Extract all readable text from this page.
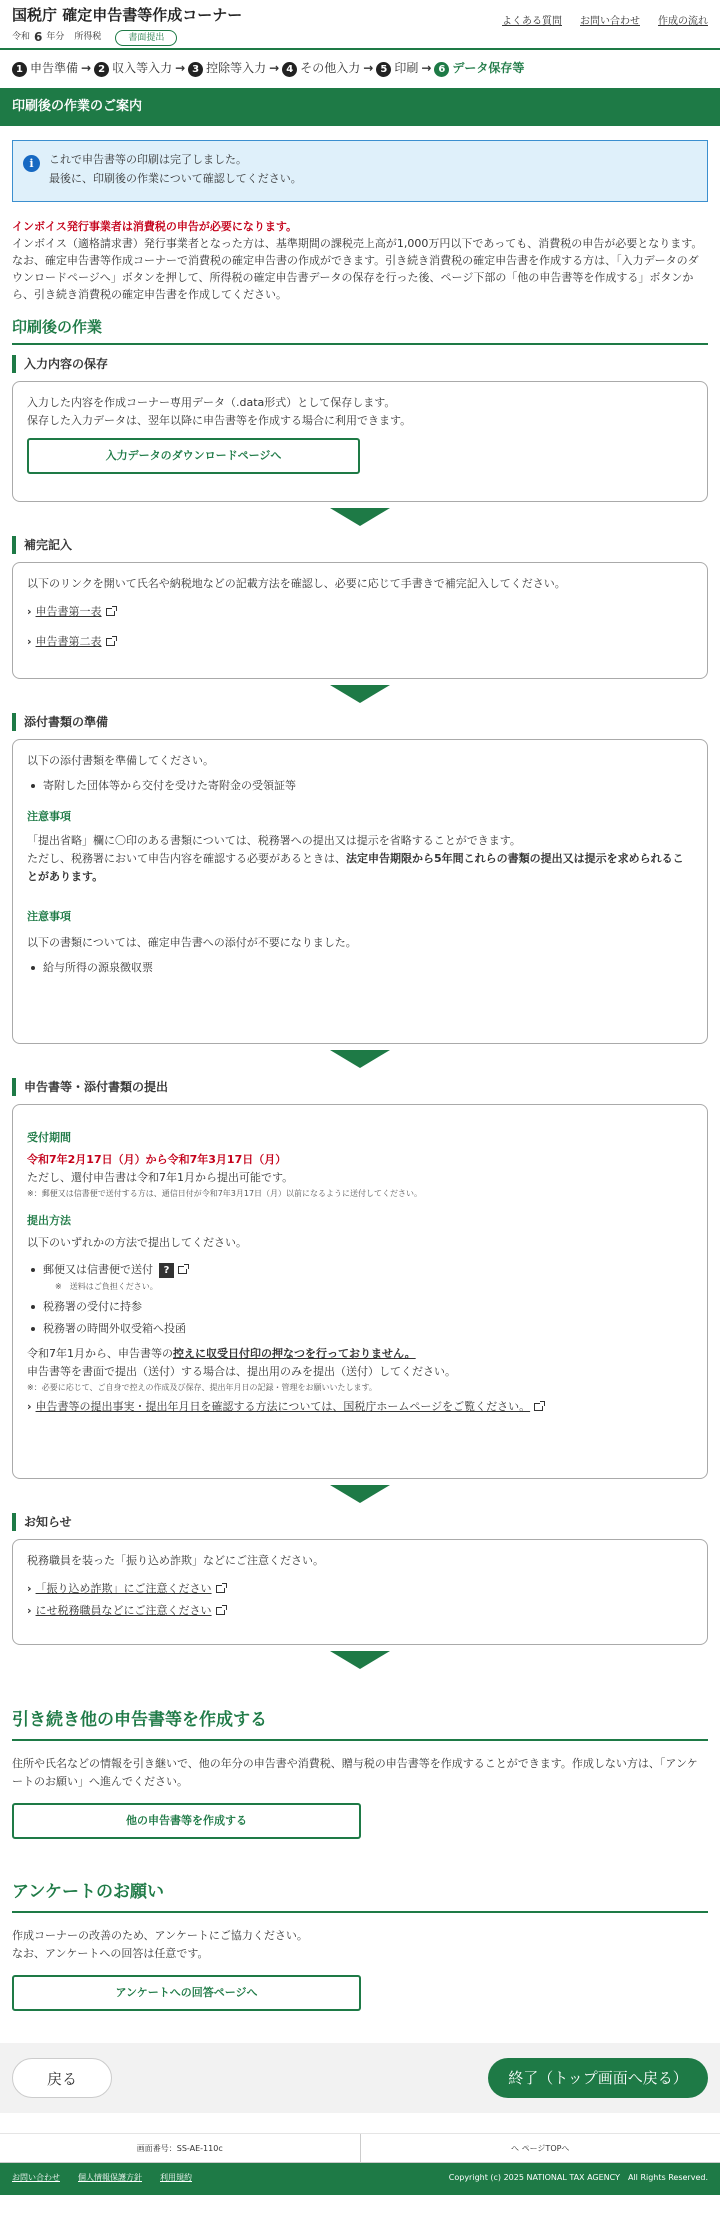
国税庁 確定申告書等作成コーナー
令和 6 年分 所得税	書面提出
よくある質問 お問い合わせ 作成の流れ
1 申告準備 → 2 収入等入力 → 3 控除等入力 → 4 その他入力 → 5 印刷 → 6 データ保存等
印刷後の作業のご案内
i	これで申告書等の印刷は完了しました。
最後に、印刷後の作業について確認してください。
インボイス発行事業者は消費税の申告が必要になります。
インボイス（適格請求書）発行事業者となった方は、基準期間の課税売上高が1,000万円以下であっても、消費税の申告が必要となります。
なお、確定申告書等作成コーナーで消費税の確定申告書の作成ができます。引き続き消費税の確定申告書を作成する方は、「入力データのダウンロードページへ」ボタンを押して、所得税の確定申告書データの保存を行った後、ページ下部の「他の申告書等を作成する」ボタンから、引き続き消費税の確定申告書を作成してください。
印刷後の作業
入力内容の保存
入力した内容を作成コーナー専用データ（.data形式）として保存します。
保存した入力データは、翌年以降に申告書等を作成する場合に利用できます。
入力データのダウンロードページへ
補完記入
以下のリンクを開いて氏名や納税地などの記載方法を確認し、必要に応じて手書きで補完記入してください。
› 申告書第一表
› 申告書第二表
添付書類の準備
以下の添付書類を準備してください。
寄附した団体等から交付を受けた寄附金の受領証等
注意事項
「提出省略」欄に〇印のある書類については、税務署への提出又は提示を省略することができます。
ただし、税務署において申告内容を確認する必要があるときは、法定申告期限から5年間これらの書類の提出又は提示を求められることがあります。
注意事項
以下の書類については、確定申告書への添付が不要になりました。
給与所得の源泉徴収票
申告書等・添付書類の提出
受付期間
令和7年2月17日（月）から令和7年3月17日（月）
ただし、還付申告書は令和7年1月から提出可能です。
※：郵便又は信書便で送付する方は、通信日付が令和7年3月17日（月）以前になるように送付してください。
提出方法
以下のいずれかの方法で提出してください。
郵便又は信書便で送付 ?
※　送料はご負担ください。
税務署の受付に持参
税務署の時間外収受箱へ投函
令和7年1月から、申告書等の控えに収受日付印の押なつを行っておりません。
申告書等を書面で提出（送付）する場合は、提出用のみを提出（送付）してください。
※：必要に応じて、ご自身で控えの作成及び保存、提出年月日の記録・管理をお願いいたします。
› 申告書等の提出事実・提出年月日を確認する方法については、国税庁ホームページをご覧ください。
お知らせ
税務職員を装った「振り込め詐欺」などにご注意ください。
› 「振り込め詐欺」にご注意ください
› にせ税務職員などにご注意ください
引き続き他の申告書等を作成する
住所や氏名などの情報を引き継いで、他の年分の申告書や消費税、贈与税の申告書等を作成することができます。作成しない方は、「アンケートのお願い」へ進んでください。
他の申告書等を作成する
アンケートのお願い
作成コーナーの改善のため、アンケートにご協力ください。
なお、アンケートへの回答は任意です。
アンケートへの回答ページへ
戻る	終了（トップ画面へ戻る）
画面番号：SS-AE-110c	へ ページTOPへ
お問い合わせ 個人情報保護方針 利用規約	Copyright (c) 2025 NATIONAL TAX AGENCY　All Rights Reserved.
